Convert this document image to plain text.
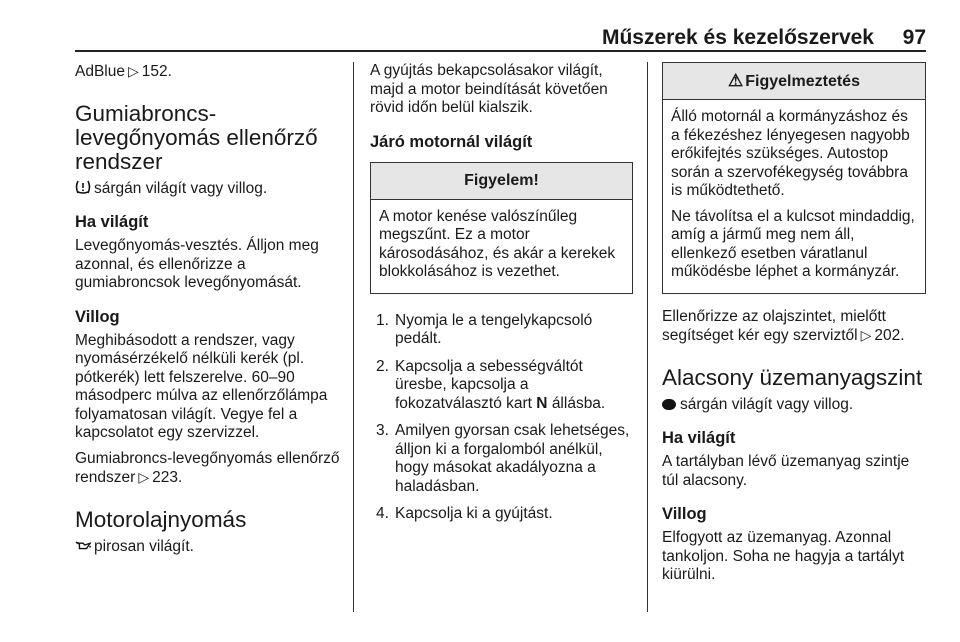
Műszerek és kezelőszervek 97

AdBlue ▷ 152.

Gumiabroncs-levegőnyomás ellenőrző rendszer

sárgán világít vagy villog.

Ha világít

Levegőnyomás-vesztés. Álljon meg azonnal, és ellenőrizze a gumiabroncsok levegőnyomását.

Villog

Meghibásodott a rendszer, vagy nyomásérzékelő nélküli kerék (pl. pótkerék) lett felszerelve. 60–90 másodperc múlva az ellenőrzőlámpa folyamatosan világít. Vegye fel a kapcsolatot egy szervizzel.

Gumiabroncs-levegőnyomás ellenőrző rendszer ▷ 223.

Motorolajnyomás

pirosan világít.

A gyújtás bekapcsolásakor világít, majd a motor beindítását követően rövid időn belül kialszik.

Járó motornál világít
Figyelem!

A motor kenése valószínűleg megszűnt. Ez a motor károsodásához, és akár a kerekek blokkolásához is vezethet.

1. Nyomja le a tengelykapcsoló pedált.
2. Kapcsolja a sebességváltót üresbe, kapcsolja a fokozatválasztó kart N állásba.
3. Amilyen gyorsan csak lehetséges, álljon ki a forgalomból anélkül, hogy másokat akadályozna a haladásban.
4. Kapcsolja ki a gyújtást.
⚠ Figyelmeztetés

Álló motornál a kormányzáshoz és a fékezéshez lényegesen nagyobb erőkifejtés szükséges. Autostop során a szervofékegység továbbra is működtethető.

Ne távolítsa el a kulcsot mindaddig, amíg a jármű meg nem áll, ellenkező esetben váratlanul működésbe léphet a kormányzár.

Ellenőrizze az olajszintet, mielőtt segítséget kér egy szerviztől ▷ 202.

Alacsony üzemanyagszint

sárgán világít vagy villog.

Ha világít

A tartályban lévő üzemanyag szintje túl alacsony.

Villog

Elfogyott az üzemanyag. Azonnal tankoljon. Soha ne hagyja a tartályt kiürülni.
